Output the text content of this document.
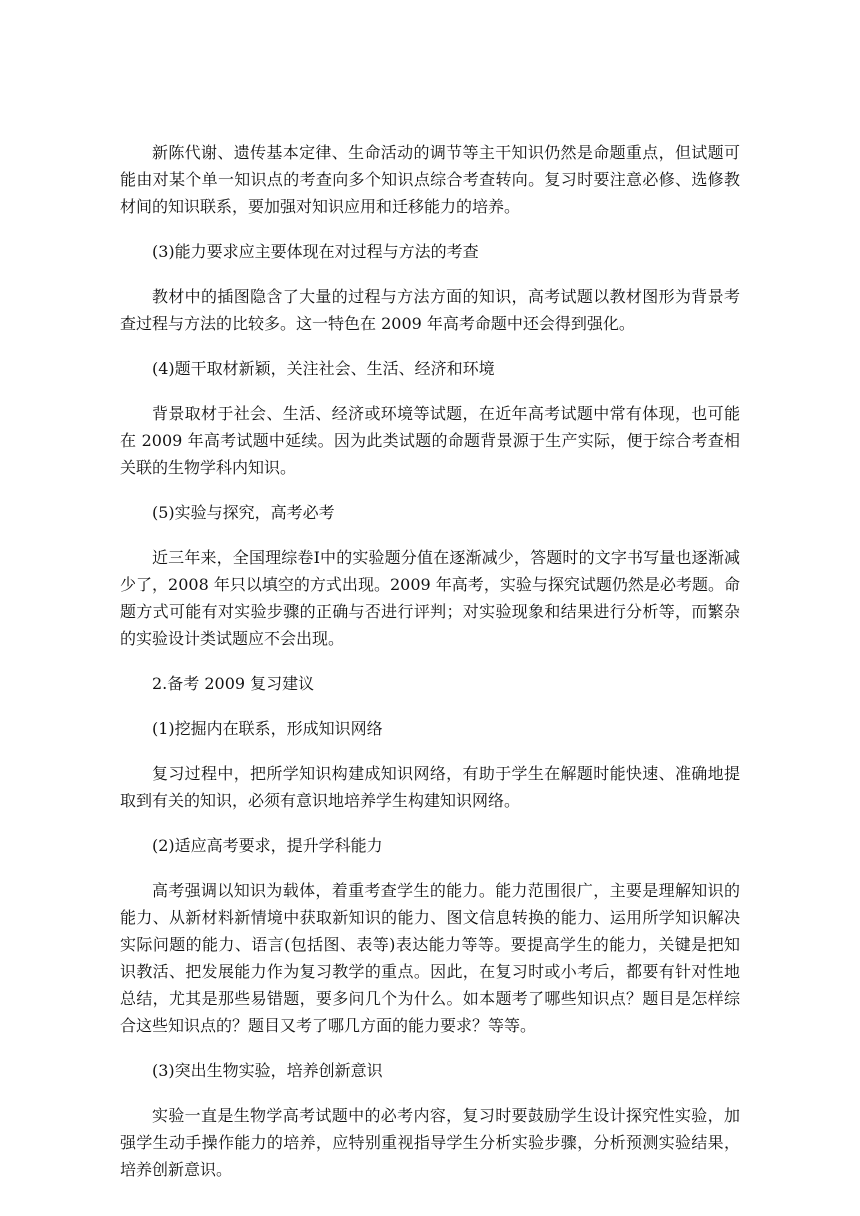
新陈代谢、遗传基本定律、生命活动的调节等主干知识仍然是命题重点，但试题可能由对某个单一知识点的考查向多个知识点综合考查转向。复习时要注意必修、选修教材间的知识联系，要加强对知识应用和迁移能力的培养。

(3)能力要求应主要体现在对过程与方法的考查

教材中的插图隐含了大量的过程与方法方面的知识，高考试题以教材图形为背景考查过程与方法的比较多。这一特色在 2009 年高考命题中还会得到强化。

(4)题干取材新颖，关注社会、生活、经济和环境

背景取材于社会、生活、经济或环境等试题，在近年高考试题中常有体现，也可能在 2009 年高考试题中延续。因为此类试题的命题背景源于生产实际，便于综合考查相关联的生物学科内知识。

(5)实验与探究，高考必考

近三年来，全国理综卷Ⅰ中的实验题分值在逐渐减少，答题时的文字书写量也逐渐减少了，2008 年只以填空的方式出现。2009 年高考，实验与探究试题仍然是必考题。命题方式可能有对实验步骤的正确与否进行评判；对实验现象和结果进行分析等，而繁杂的实验设计类试题应不会出现。

2.备考 2009 复习建议

(1)挖掘内在联系，形成知识网络

复习过程中，把所学知识构建成知识网络，有助于学生在解题时能快速、准确地提取到有关的知识，必须有意识地培养学生构建知识网络。

(2)适应高考要求，提升学科能力

高考强调以知识为载体，着重考查学生的能力。能力范围很广，主要是理解知识的能力、从新材料新情境中获取新知识的能力、图文信息转换的能力、运用所学知识解决实际问题的能力、语言(包括图、表等)表达能力等等。要提高学生的能力，关键是把知识教活、把发展能力作为复习教学的重点。因此，在复习时或小考后，都要有针对性地总结，尤其是那些易错题，要多问几个为什么。如本题考了哪些知识点？题目是怎样综合这些知识点的？题目又考了哪几方面的能力要求？等等。

(3)突出生物实验，培养创新意识

实验一直是生物学高考试题中的必考内容，复习时要鼓励学生设计探究性实验，加强学生动手操作能力的培养，应特别重视指导学生分析实验步骤，分析预测实验结果，培养创新意识。
